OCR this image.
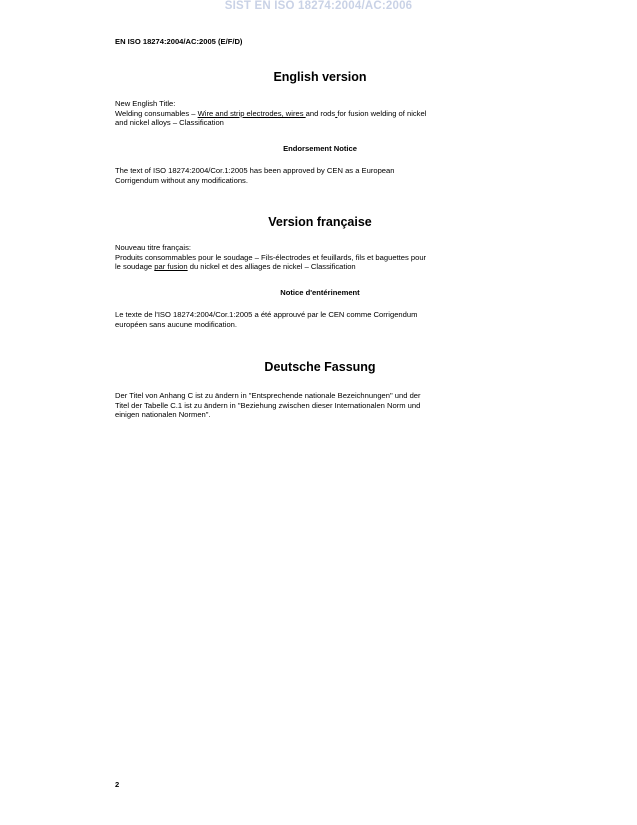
SIST EN ISO 18274:2004/AC:2006
EN ISO 18274:2004/AC:2005 (E/F/D)
English version

New English Title:

Welding consumables – Wire and strip electrodes, wires and rods for fusion welding of nickel

and nickel alloys – Classification

Endorsement Notice

The text of ISO 18274:2004/Cor.1:2005 has been approved by CEN as a European

Corrigendum without any modifications.

Version française

Nouveau titre français:

Produits consommables pour le soudage – Fils-électrodes et feuillards, fils et baguettes pour

le soudage par fusion du nickel et des alliages de nickel – Classification

Notice d'entérinement

Le texte de l'ISO 18274:2004/Cor.1:2005 a été approuvé par le CEN comme Corrigendum

européen sans aucune modification.

Deutsche Fassung

Der Titel von Anhang C ist zu ändern in "Entsprechende nationale Bezeichnungen" und der

Titel der Tabelle C.1 ist zu ändern in "Beziehung zwischen dieser Internationalen Norm und

einigen nationalen Normen".

2
